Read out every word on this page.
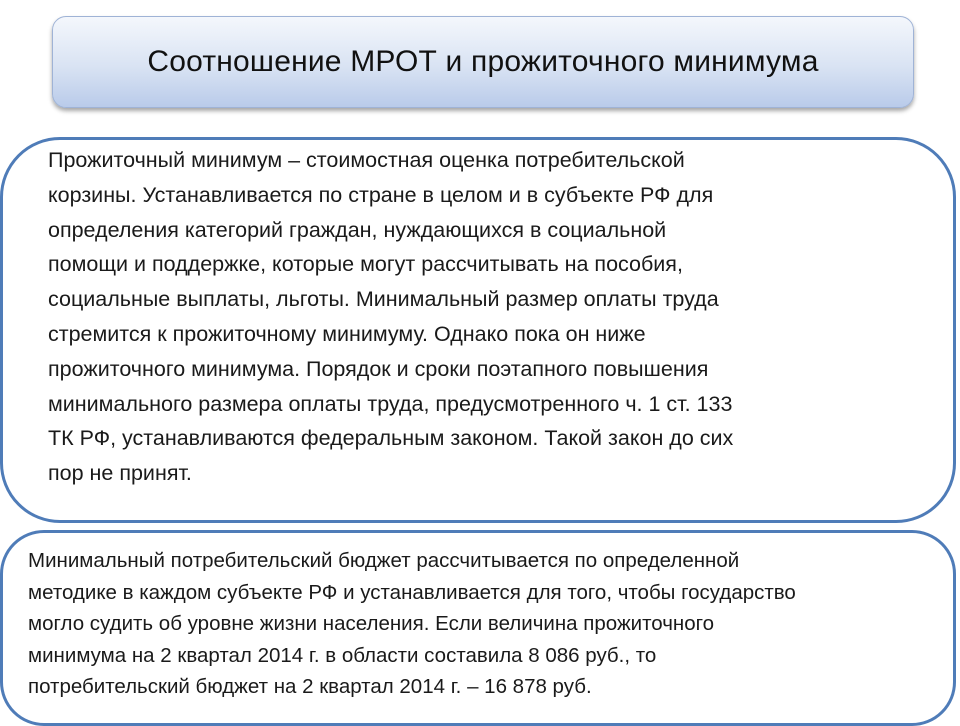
Соотношение МРОТ и прожиточного минимума

Прожиточный минимум – стоимостная оценка потребительской
корзины. Устанавливается по стране в целом и в субъекте РФ для
определения категорий граждан, нуждающихся в социальной
помощи и поддержке, которые могут рассчитывать на пособия,
социальные выплаты, льготы. Минимальный размер оплаты труда
стремится к прожиточному минимуму. Однако пока он ниже
прожиточного минимума. Порядок и сроки поэтапного повышения
минимального размера оплаты труда, предусмотренного ч. 1 ст. 133
ТК РФ, устанавливаются федеральным законом. Такой закон до сих
пор не принят.

Минимальный потребительский бюджет рассчитывается по определенной
методике в каждом субъекте РФ и устанавливается для того, чтобы государство
могло судить об уровне жизни населения. Если величина прожиточного
минимума на 2 квартал 2014 г. в области составила 8 086 руб., то
потребительский бюджет на 2 квартал 2014 г. – 16 878 руб.
